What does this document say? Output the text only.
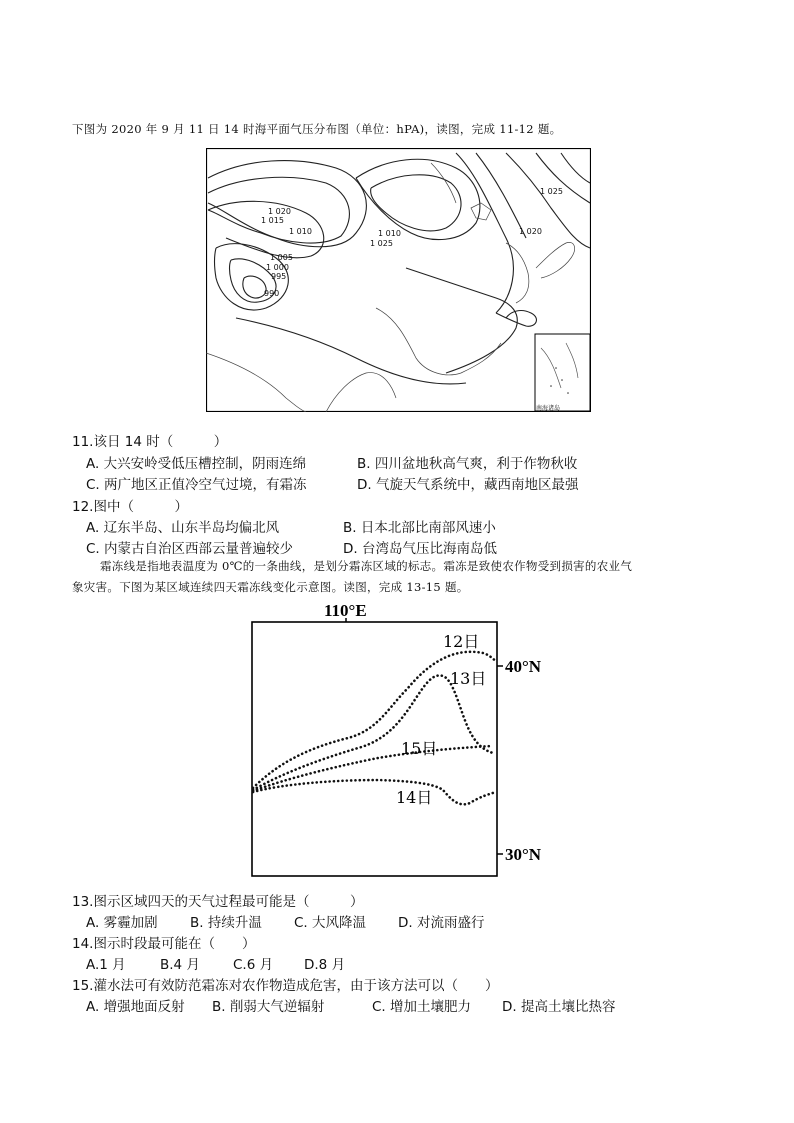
下图为 2020 年 9 月 11 日 14 时海平面气压分布图（单位：hPA)，读图，完成 11-12 题。
1 025
1 020
1 015
1 010
1 005
1 000
995
990
1 020
1 025
1 010
南海诸岛
11.该日 14 时（　　　）
A. 大兴安岭受低压槽控制，阴雨连绵	B. 四川盆地秋高气爽，利于作物秋收
C. 两广地区正值冷空气过境，有霜冻	D. 气旋天气系统中，藏西南地区最强
12.图中（　　　）
A. 辽东半岛、山东半岛均偏北风	B. 日本北部比南部风速小
C. 内蒙古自治区西部云量普遍较少	D. 台湾岛气压比海南岛低
霜冻线是指地表温度为 0℃的一条曲线，是划分霜冻区域的标志。霜冻是致使农作物受到损害的农业气
象灾害。下图为某区域连续四天霜冻线变化示意图。读图，完成 13-15 题。
110°E
40°N
30°N
12日
13日
15日
14日
13.图示区域四天的天气过程最可能是（　　　）
A. 雾霾加剧 B. 持续升温 C. 大风降温 D. 对流雨盛行
14.图示时段最可能在（　　）
A.1 月	B.4 月 C.6 月 D.8 月
15.灌水法可有效防范霜冻对农作物造成危害，由于该方法可以（　　）
A. 增强地面反射 B. 削弱大气逆辐射	C. 增加土壤肥力 D. 提高土壤比热容
